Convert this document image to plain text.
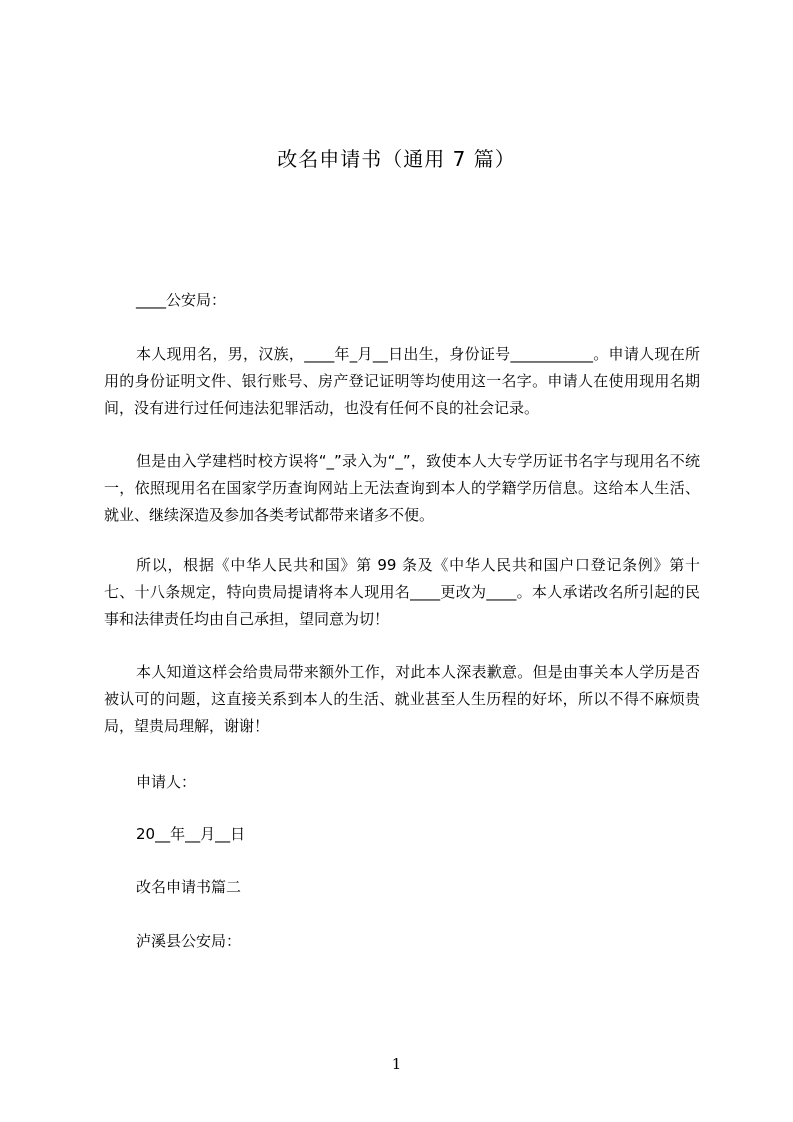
改名申请书（通用 7 篇）
____公安局：
本人现用名，男，汉族，____年_月__日出生，身份证号___________。申请人现在所用的身份证明文件、银行账号、房产登记证明等均使用这一名字。申请人在使用现用名期间，没有进行过任何违法犯罪活动，也没有任何不良的社会记录。
但是由入学建档时校方误将“_”录入为“_”，致使本人大专学历证书名字与现用名不统一，依照现用名在国家学历查询网站上无法查询到本人的学籍学历信息。这给本人生活、就业、继续深造及参加各类考试都带来诸多不便。
所以，根据《中华人民共和国》第 99 条及《中华人民共和国户口登记条例》第十七、十八条规定，特向贵局提请将本人现用名____更改为____。本人承诺改名所引起的民事和法律责任均由自己承担，望同意为切！
本人知道这样会给贵局带来额外工作，对此本人深表歉意。但是由事关本人学历是否被认可的问题，这直接关系到本人的生活、就业甚至人生历程的好坏，所以不得不麻烦贵局，望贵局理解，谢谢！
申请人：
20__年__月__日
改名申请书篇二
泸溪县公安局：
1
